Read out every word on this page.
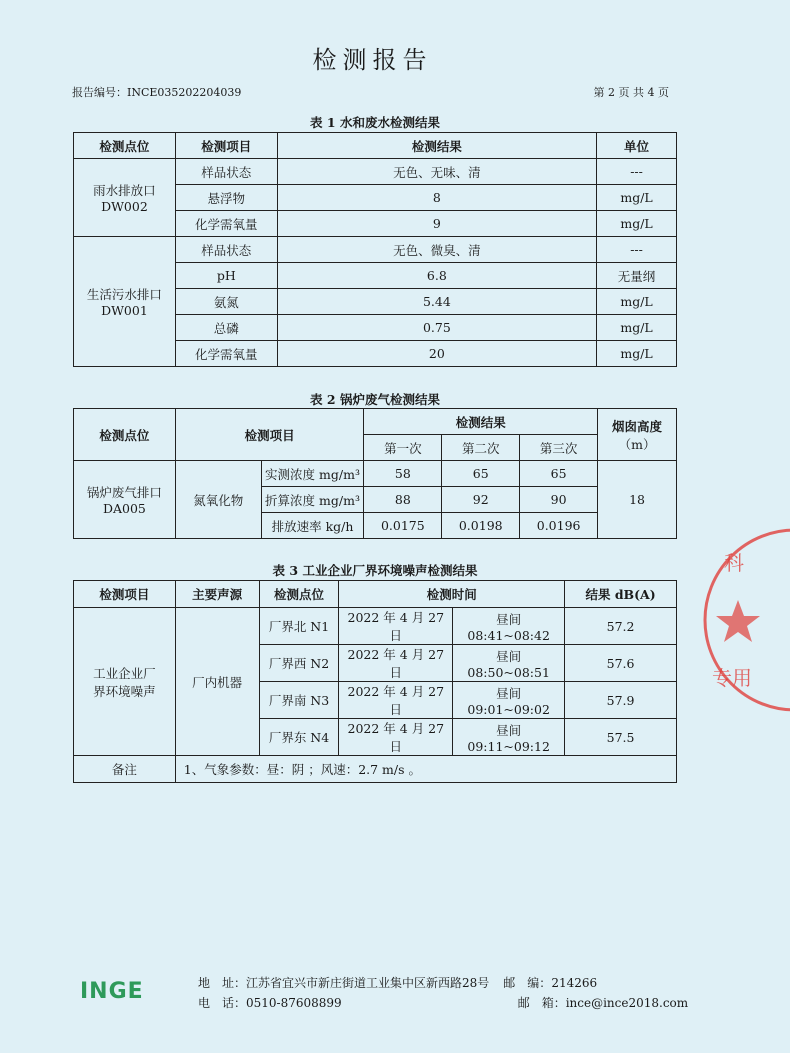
检测报告
报告编号：INCE035202204039	第 2 页 共 4 页
表 1 水和废水检测结果
检测点位	检测项目	检测结果	单位

雨水排放口
DW002	样品状态	无色、无味、清	---
	悬浮物	8	mg/L
	化学需氧量	9	mg/L

生活污水排口
DW001	样品状态	无色、微臭、清	---
	pH	6.8	无量纲
	氨氮	5.44	mg/L
	总磷	0.75	mg/L
	化学需氧量	20	mg/L
表 2 锅炉废气检测结果
检测点位	检测项目		检测结果			烟囱高度
（m）

			第一次	第二次	第三次	

锅炉废气排口
DA005	氮氧化物	实测浓度 mg/m³	58	65	65	18
		折算浓度 mg/m³	88	92	90	
		排放速率 kg/h	0.0175	0.0198	0.0196	
表 3 工业企业厂界环境噪声检测结果
检测项目	主要声源	检测点位	检测时间		结果 dB(A)

工业企业厂
界环境噪声	厂内机器	厂界北 N1	2022 年 4 月 27 日	昼间 08:41~08:42	57.2
		厂界西 N2	2022 年 4 月 27 日	昼间 08:50~08:51	57.6
		厂界南 N3	2022 年 4 月 27 日	昼间 09:01~09:02	57.9
		厂界东 N4	2022 年 4 月 27 日	昼间 09:11~09:12	57.5
备注	1、气象参数：昼：阴 ；风速：2.7 m/s 。				
科
专用
INGE	地　址：江苏省宜兴市新庄街道工业集中区新西路28号 邮　编：214266
电　话：0510-87608899	邮　箱：ince@ince2018.com
